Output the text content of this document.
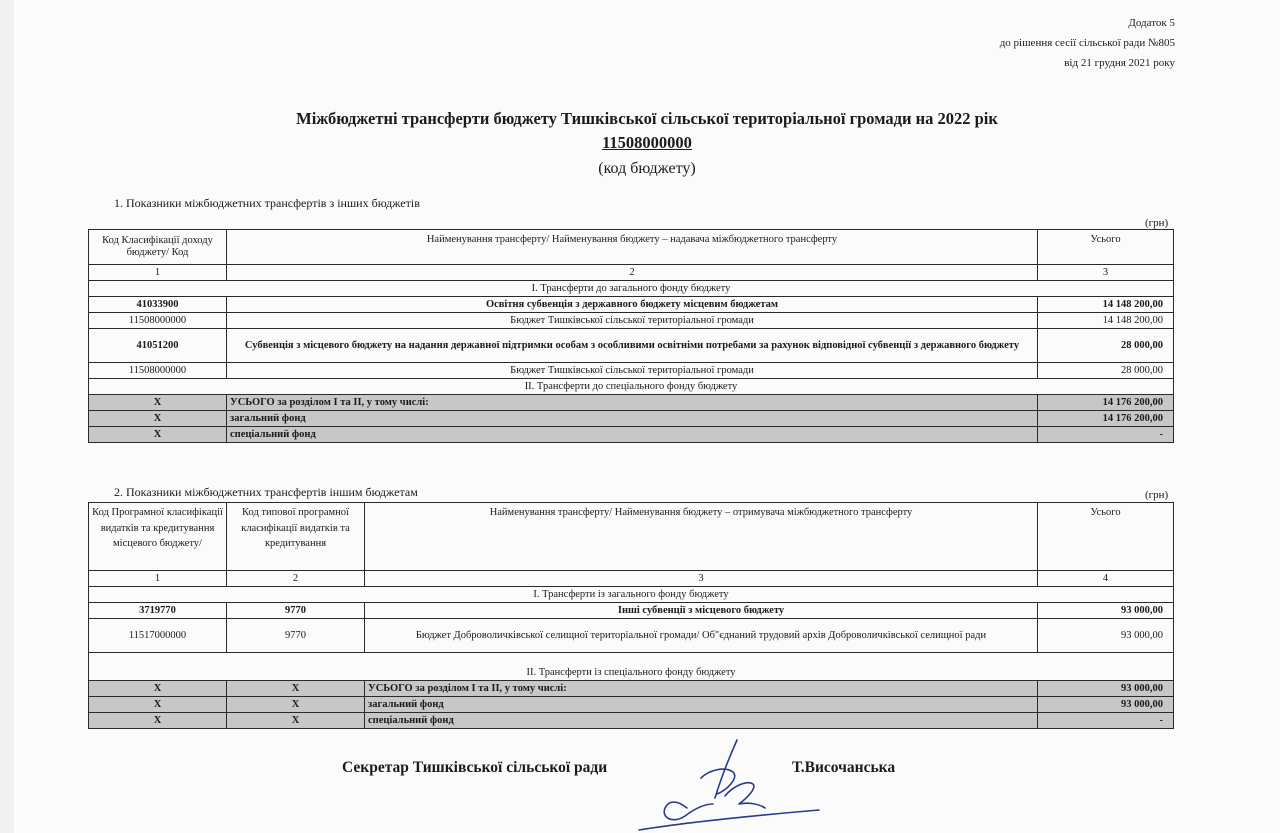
Додаток 5
до рішення сесії сільської ради №805
від 21 грудня 2021 року
Міжбюджетні трансферти бюджету Тишківської сільської територіальної громади на 2022 рік
11508000000
(код бюджету)
1. Показники міжбюджетних трансфертів з інших бюджетів
(грн)
Код Класифікації доходу бюджету/ Код	Найменування трансферту/ Найменування бюджету – надавача міжбюджетного трансферту	Усього
1	2	3
І. Трансферти до загального фонду бюджету		
41033900	Освітня субвенція з державного бюджету місцевим бюджетам	14 148 200,00
11508000000	Бюджет Тишківської сільської територіальної громади	14 148 200,00
41051200	Субвенція з місцевого бюджету на надання державної підтримки особам з особливими освітніми потребами за рахунок відповідної субвенції з державного бюджету	28 000,00
11508000000	Бюджет Тишківської сільської територіальної громади	28 000,00
ІІ. Трансферти до спеціального фонду бюджету		
X	УСЬОГО за розділом І та ІІ, у тому числі:	14 176 200,00
X	загальний фонд	14 176 200,00
X	спеціальний фонд	-
2. Показники міжбюджетних трансфертів іншим бюджетам	(грн)
Код Програмної класифікації видатків та кредитування місцевого бюджету/	Код типової програмної класифікації видатків та кредитування	Найменування трансферту/ Найменування бюджету – отримувача міжбюджетного трансферту	Усього
1	2	3	4
І. Трансферти із загального фонду бюджету			
3719770	9770	Інші субвенції з місцевого бюджету	93 000,00
11517000000	9770	Бюджет Доброволичківської селищної територіальної громади/ Об"єднаний трудовий архів Доброволичківської селищної ради	93 000,00
ІІ. Трансферти із спеціального фонду бюджету			
X	X	УСЬОГО за розділом І та ІІ, у тому числі:	93 000,00
X	X	загальний фонд	93 000,00
X	X	спеціальний фонд	-
Секретар Тишківської сільської ради	Т.Височанська
